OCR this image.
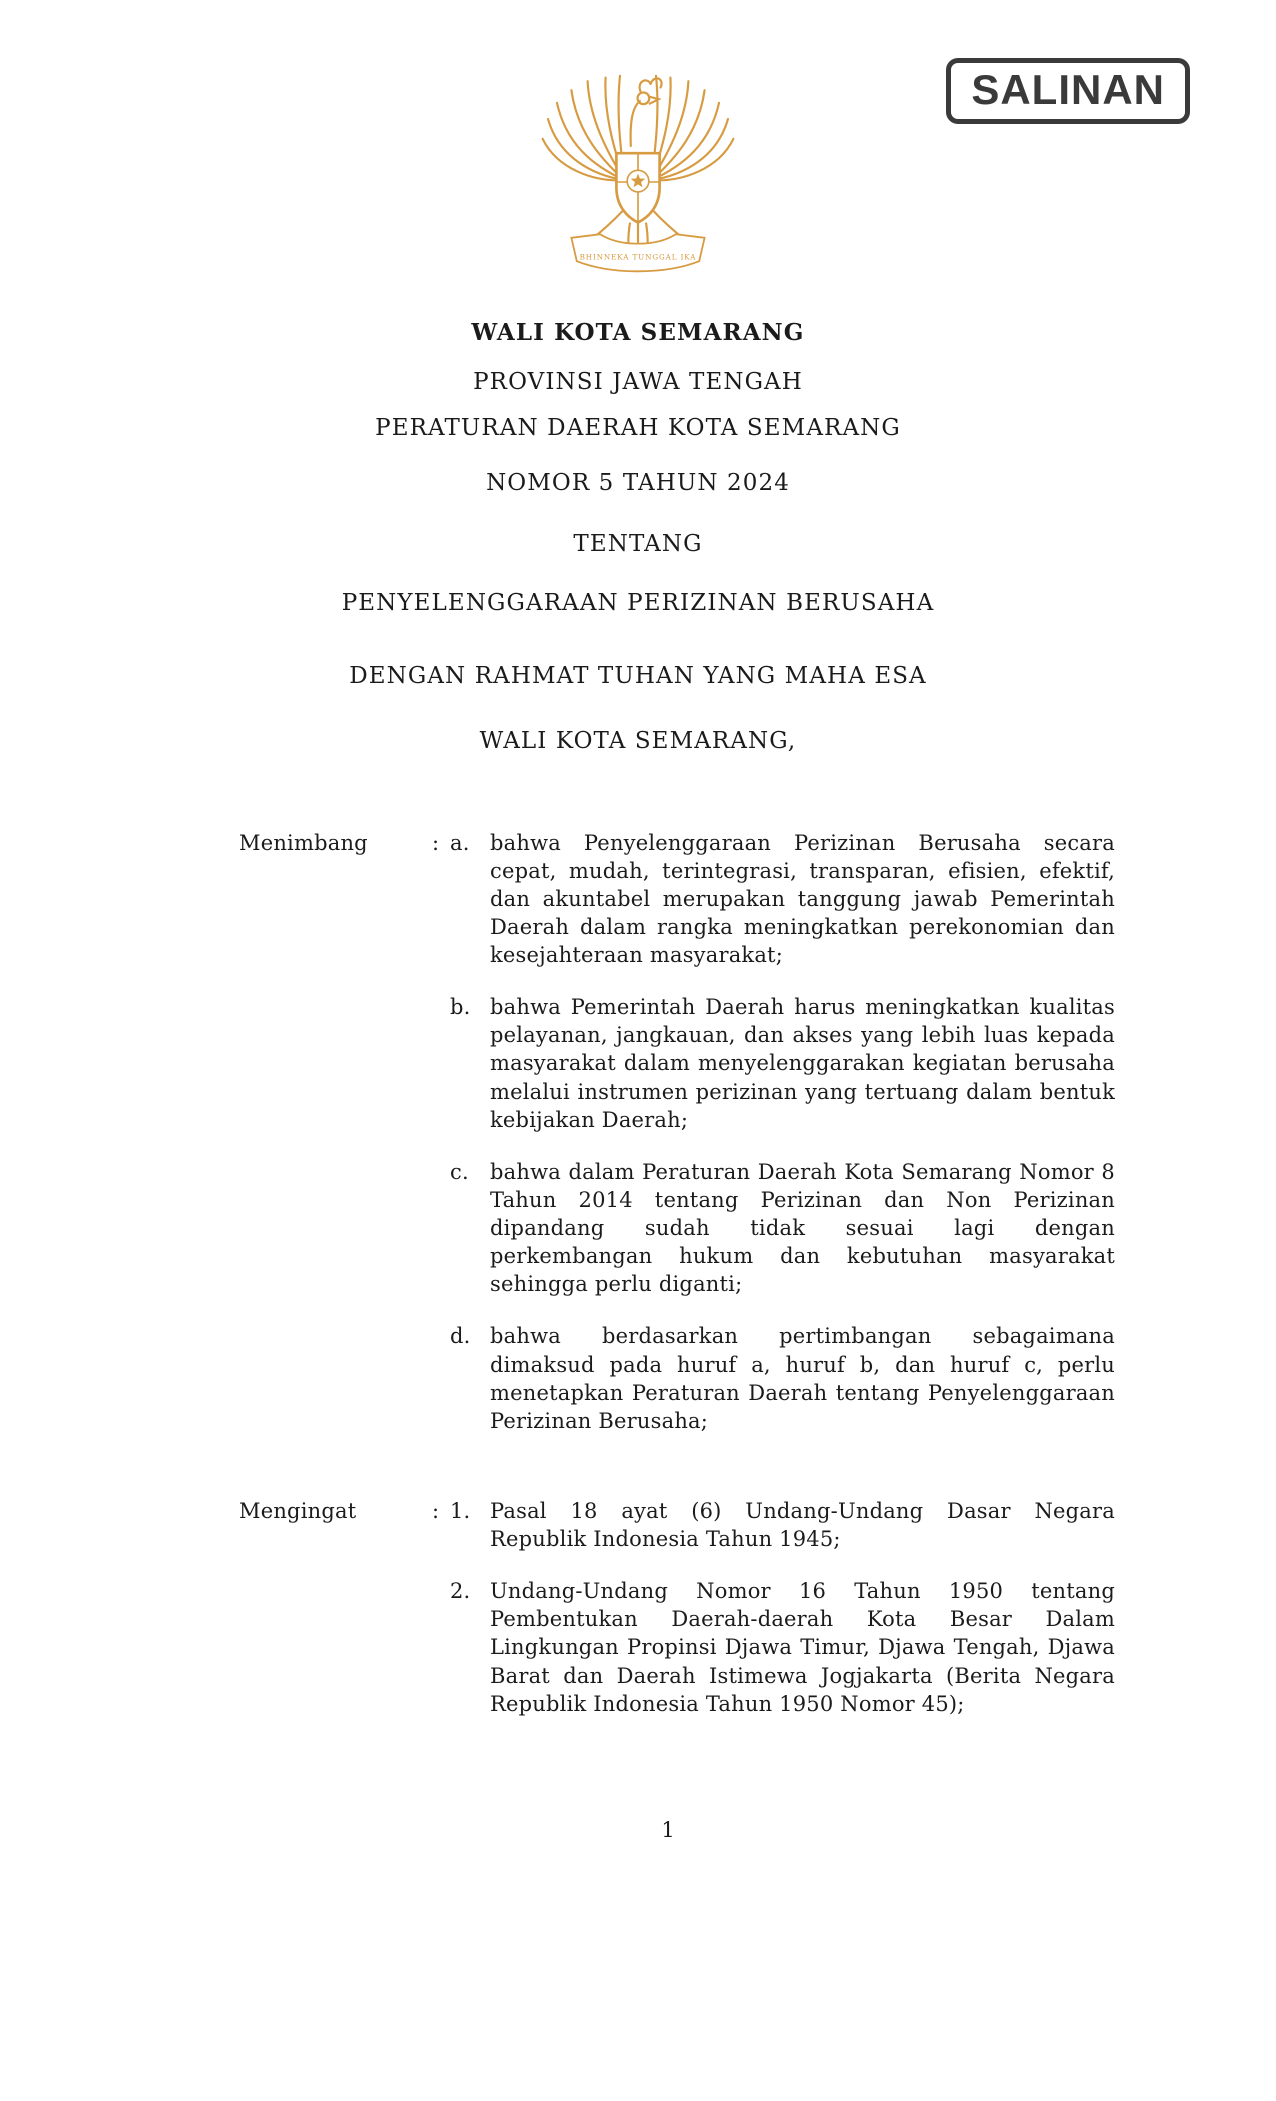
SALINAN
BHINNEKA TUNGGAL IKA
WALI KOTA SEMARANG
PROVINSI JAWA TENGAH
PERATURAN DAERAH KOTA SEMARANG
NOMOR 5 TAHUN 2024
TENTANG
PENYELENGGARAAN PERIZINAN BERUSAHA
DENGAN RAHMAT TUHAN YANG MAHA ESA
WALI KOTA SEMARANG,
Menimbang	: a. bahwa Penyelenggaraan Perizinan Berusaha secara cepat, mudah, terintegrasi, transparan, efisien, efektif, dan akuntabel merupakan tanggung jawab Pemerintah Daerah dalam rangka meningkatkan perekonomian dan kesejahteraan masyarakat;
b. bahwa Pemerintah Daerah harus meningkatkan kualitas pelayanan, jangkauan, dan akses yang lebih luas kepada masyarakat dalam menyelenggarakan kegiatan berusaha melalui instrumen perizinan yang tertuang dalam bentuk kebijakan Daerah;
c.	bahwa dalam Peraturan Daerah Kota Semarang Nomor 8 Tahun 2014 tentang Perizinan dan Non Perizinan dipandang sudah tidak sesuai lagi dengan perkembangan hukum dan kebutuhan masyarakat sehingga perlu diganti;
d. bahwa berdasarkan pertimbangan sebagaimana dimaksud pada huruf a, huruf b, dan huruf c, perlu menetapkan Peraturan Daerah tentang Penyelenggaraan Perizinan Berusaha;
Mengingat	: 1. Pasal 18 ayat (6) Undang-Undang Dasar Negara Republik Indonesia Tahun 1945;
2. Undang-Undang Nomor 16 Tahun 1950 tentang Pembentukan Daerah-daerah Kota Besar Dalam Lingkungan Propinsi Djawa Timur, Djawa Tengah, Djawa Barat dan Daerah Istimewa Jogjakarta (Berita Negara Republik Indonesia Tahun 1950 Nomor 45);
1
